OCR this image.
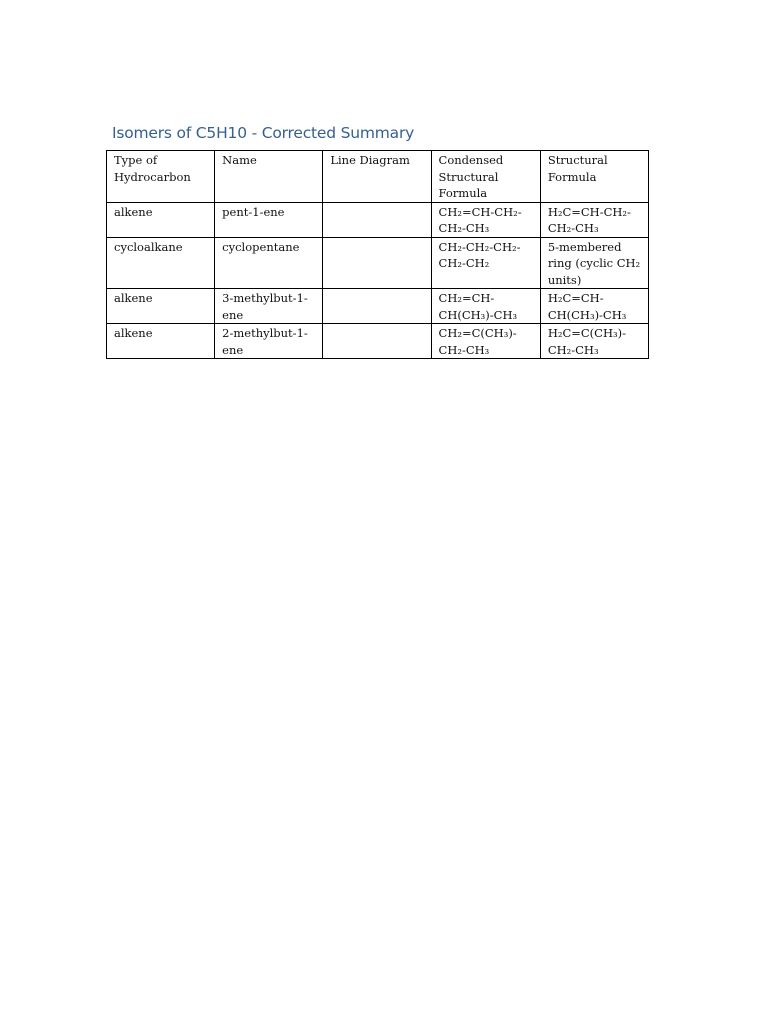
Isomers of C5H10 - Corrected Summary
Type of Hydrocarbon	Name	Line Diagram	Condensed Structural Formula	Structural Formula
alkene	pent-1-ene		CH₂=CH-CH₂-CH₂-CH₃	H₂C=CH-CH₂-CH₂-CH₃
cycloalkane	cyclopentane		CH₂-CH₂-CH₂-CH₂-CH₂	5-membered ring (cyclic CH₂ units)
alkene	3-methylbut-1-ene		CH₂=CH-CH(CH₃)-CH₃	H₂C=CH-CH(CH₃)-CH₃
alkene	2-methylbut-1-ene		CH₂=C(CH₃)-CH₂-CH₃	H₂C=C(CH₃)-CH₂-CH₃
